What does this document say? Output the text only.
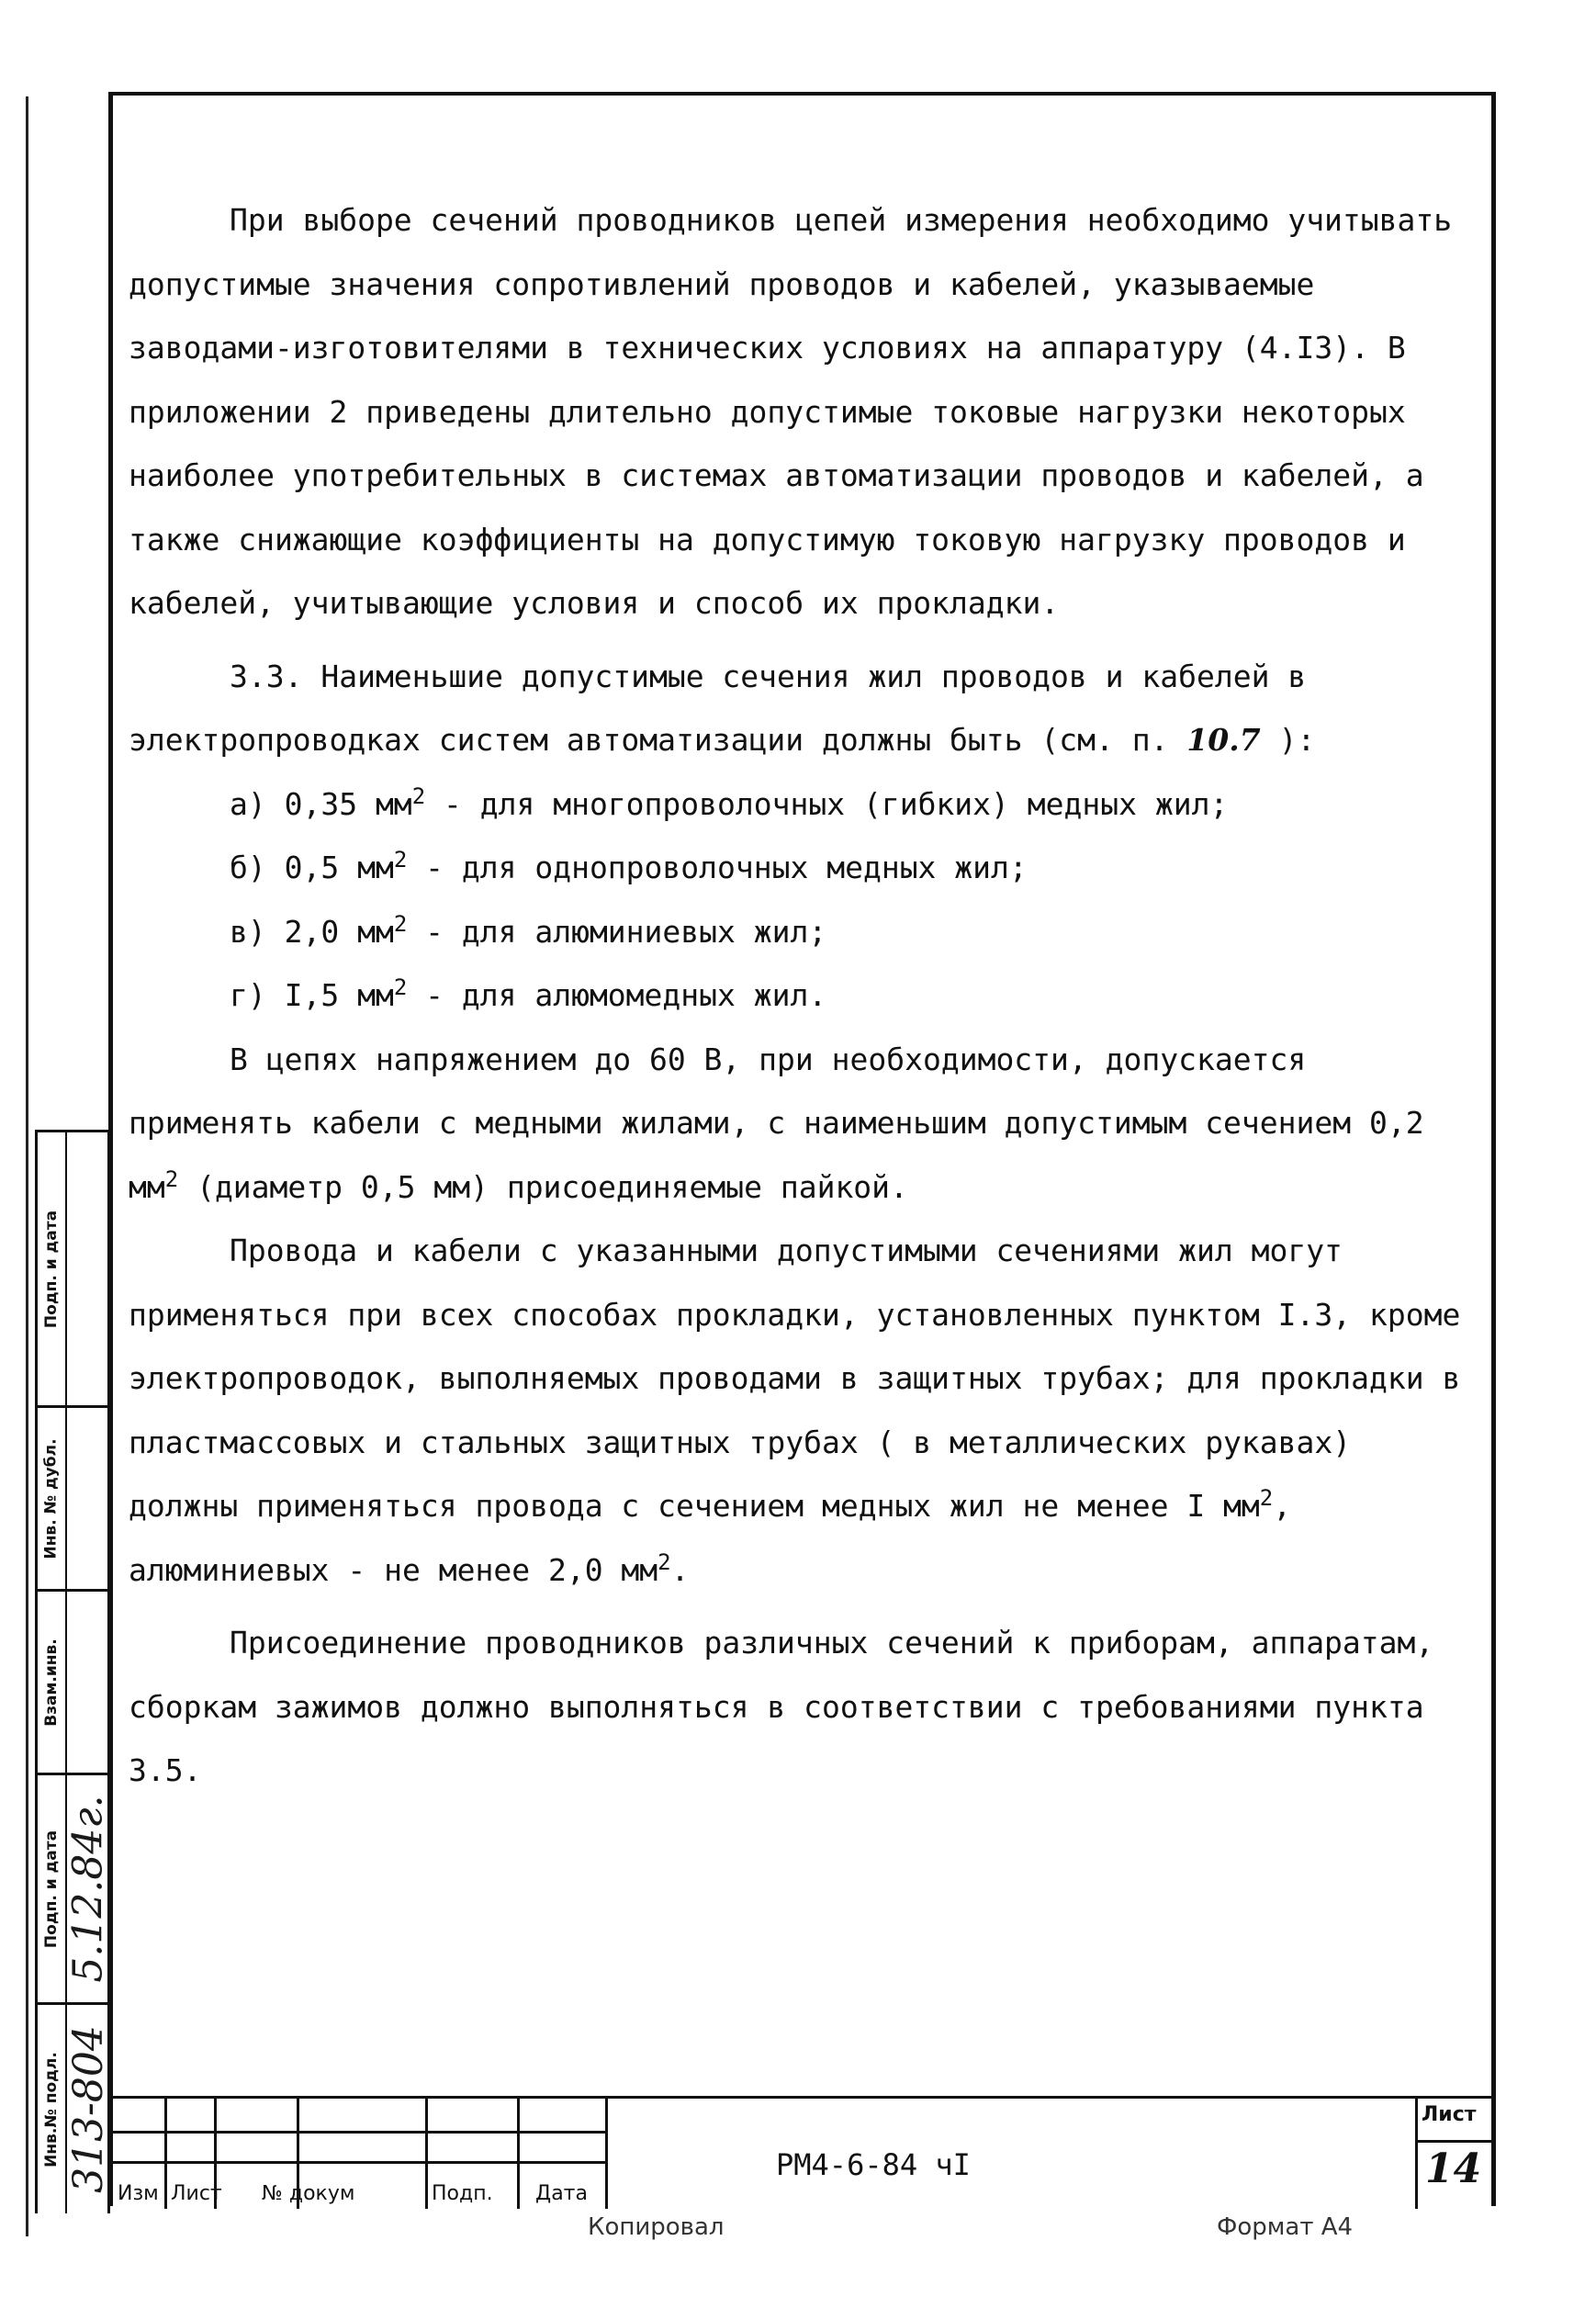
Подп. и дата
Инв. № дубл.
Взам.инв.
Подп. и дата 5.12.84г.
Инв.№ подл. 313-804

При выборе сечений проводников цепей измерения необходимо учитывать допустимые значения сопротивлений проводов и кабелей, указываемые заводами-изготовителями в технических условиях на аппаратуру (4.I3). В приложении 2 приведены длительно допустимые токовые нагрузки некоторых наиболее употребительных в системах автоматизации проводов и кабелей, а также снижающие коэффициенты на допустимую токовую нагрузку проводов и кабелей, учитывающие условия и способ их прокладки.

3.3. Наименьшие допустимые сечения жил проводов и кабелей в электропроводках систем автоматизации должны быть (см. п. 10.7 ):

а) 0,35 $мм^2$ - для многопроволочных (гибких) медных жил;

б) 0,5 $мм^2$ - для однопроволочных медных жил;

в) 2,0 $мм^2$ - для алюминиевых жил;

г) I,5 $мм^2$ - для алюмомедных жил.

В цепях напряжением до 60 В, при необходимости, допускается применять кабели с медными жилами, с наименьшим допустимым сечением 0,2 $мм^2$ (диаметр 0,5 мм) присоединяемые пайкой.

Провода и кабели с указанными допустимыми сечениями жил могут применяться при всех способах прокладки, установленных пунктом I.3, кроме электропроводок, выполняемых проводами в защитных трубах; для прокладки в пластмассовых и стальных защитных трубах ( в металлических рукавах) должны применяться провода с сечением медных жил не менее I $мм^2$, алюминиевых - не менее 2,0 $мм^2$.

Присоединение проводников различных сечений к приборам, аппаратам, сборкам зажимов должно выполняться в соответствии с требованиями пункта 3.5.

Изм Лист № докум	Подп. Дата
РМ4-6-84 чI
Лист
14
Копировал	Формат А4
